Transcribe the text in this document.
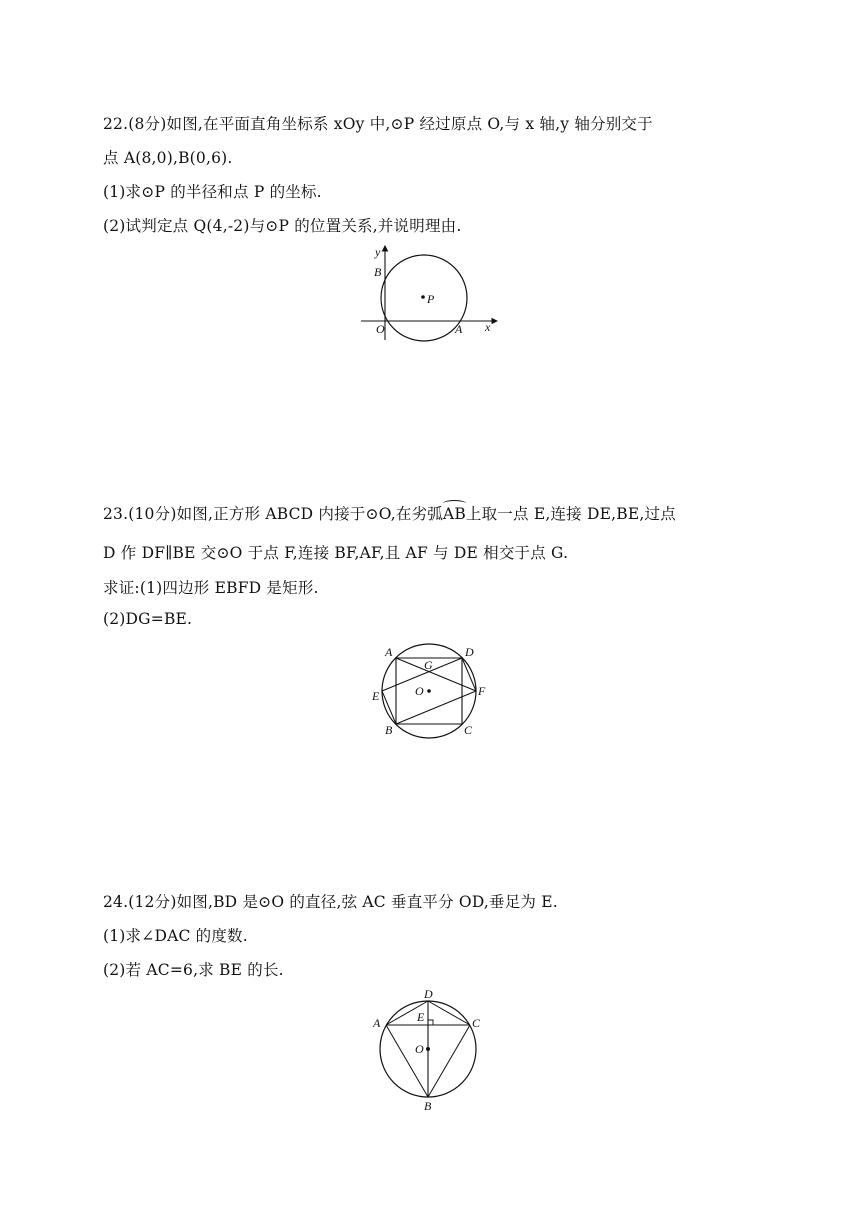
22.(8分)如图,在平面直角坐标系 xOy 中,⊙P 经过原点 O,与 x 轴,y 轴分别交于
点 A(8,0),B(0,6).
(1)求⊙P 的半径和点 P 的坐标.
(2)试判定点 Q(4,-2)与⊙P 的位置关系,并说明理由.
y
B
P
O	A x
23.(10分)如图,正方形 ABCD 内接于⊙O,在劣弧AB上取一点 E,连接 DE,BE,过点
D 作 DF∥BE 交⊙O 于点 F,连接 BF,AF,且 AF 与 DE 相交于点 G.
求证:(1)四边形 EBFD 是矩形.
(2)DG=BE.
A	D
G
O
E	F
B	C
24.(12分)如图,BD 是⊙O 的直径,弦 AC 垂直平分 OD,垂足为 E.
(1)求∠DAC 的度数.
(2)若 AC=6,求 BE 的长.
D
A	E	C
O
B
